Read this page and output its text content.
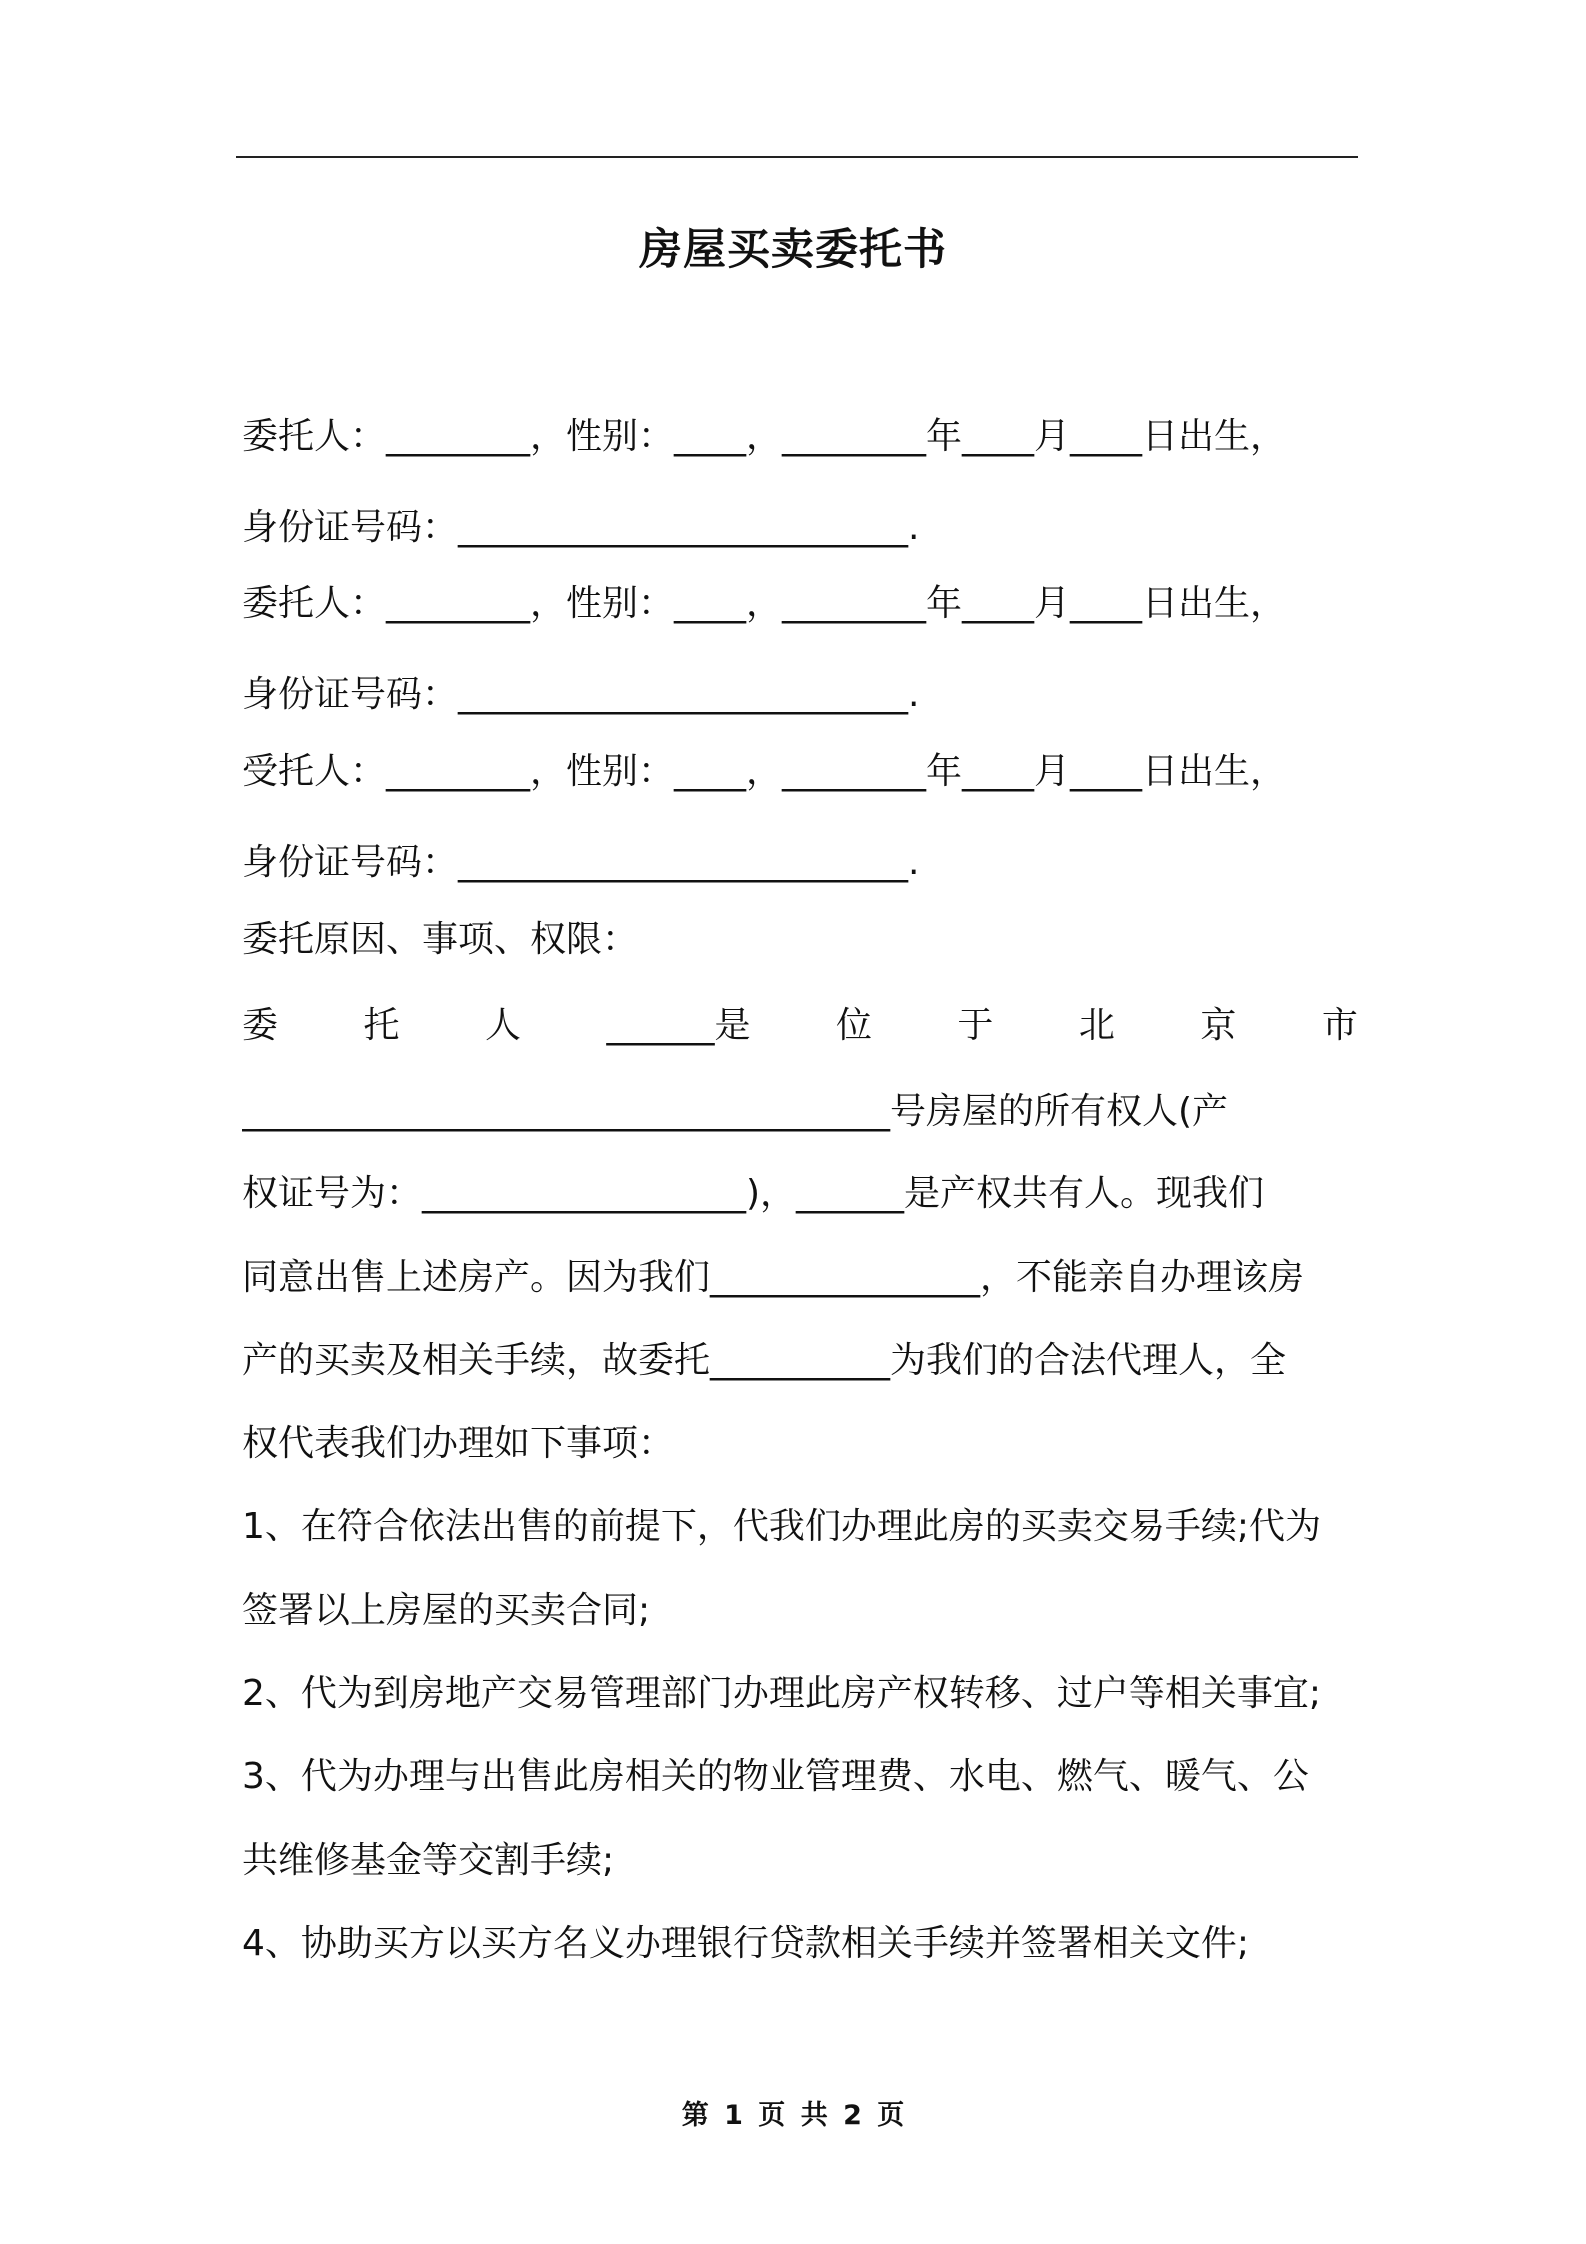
房屋买卖委托书
委托人：________，性别：____，________年____月____日出生，
身份证号码：_________________________.
委托人：________，性别：____，________年____月____日出生，
身份证号码：_________________________.
受托人：________，性别：____，________年____月____日出生，
身份证号码：_________________________.
委托原因、事项、权限：
委 托 人 ______是 位 于 北 京 市
____________________________________号房屋的所有权人(产
权证号为：__________________)，______是产权共有人。现我们
同意出售上述房产。因为我们_______________，不能亲自办理该房
产的买卖及相关手续，故委托__________为我们的合法代理人，全
权代表我们办理如下事项：
1、在符合依法出售的前提下，代我们办理此房的买卖交易手续;代为
签署以上房屋的买卖合同;
2、代为到房地产交易管理部门办理此房产权转移、过户等相关事宜;
3、代为办理与出售此房相关的物业管理费、水电、燃气、暖气、公
共维修基金等交割手续;
4、协助买方以买方名义办理银行贷款相关手续并签署相关文件;
第 1 页 共 2 页
